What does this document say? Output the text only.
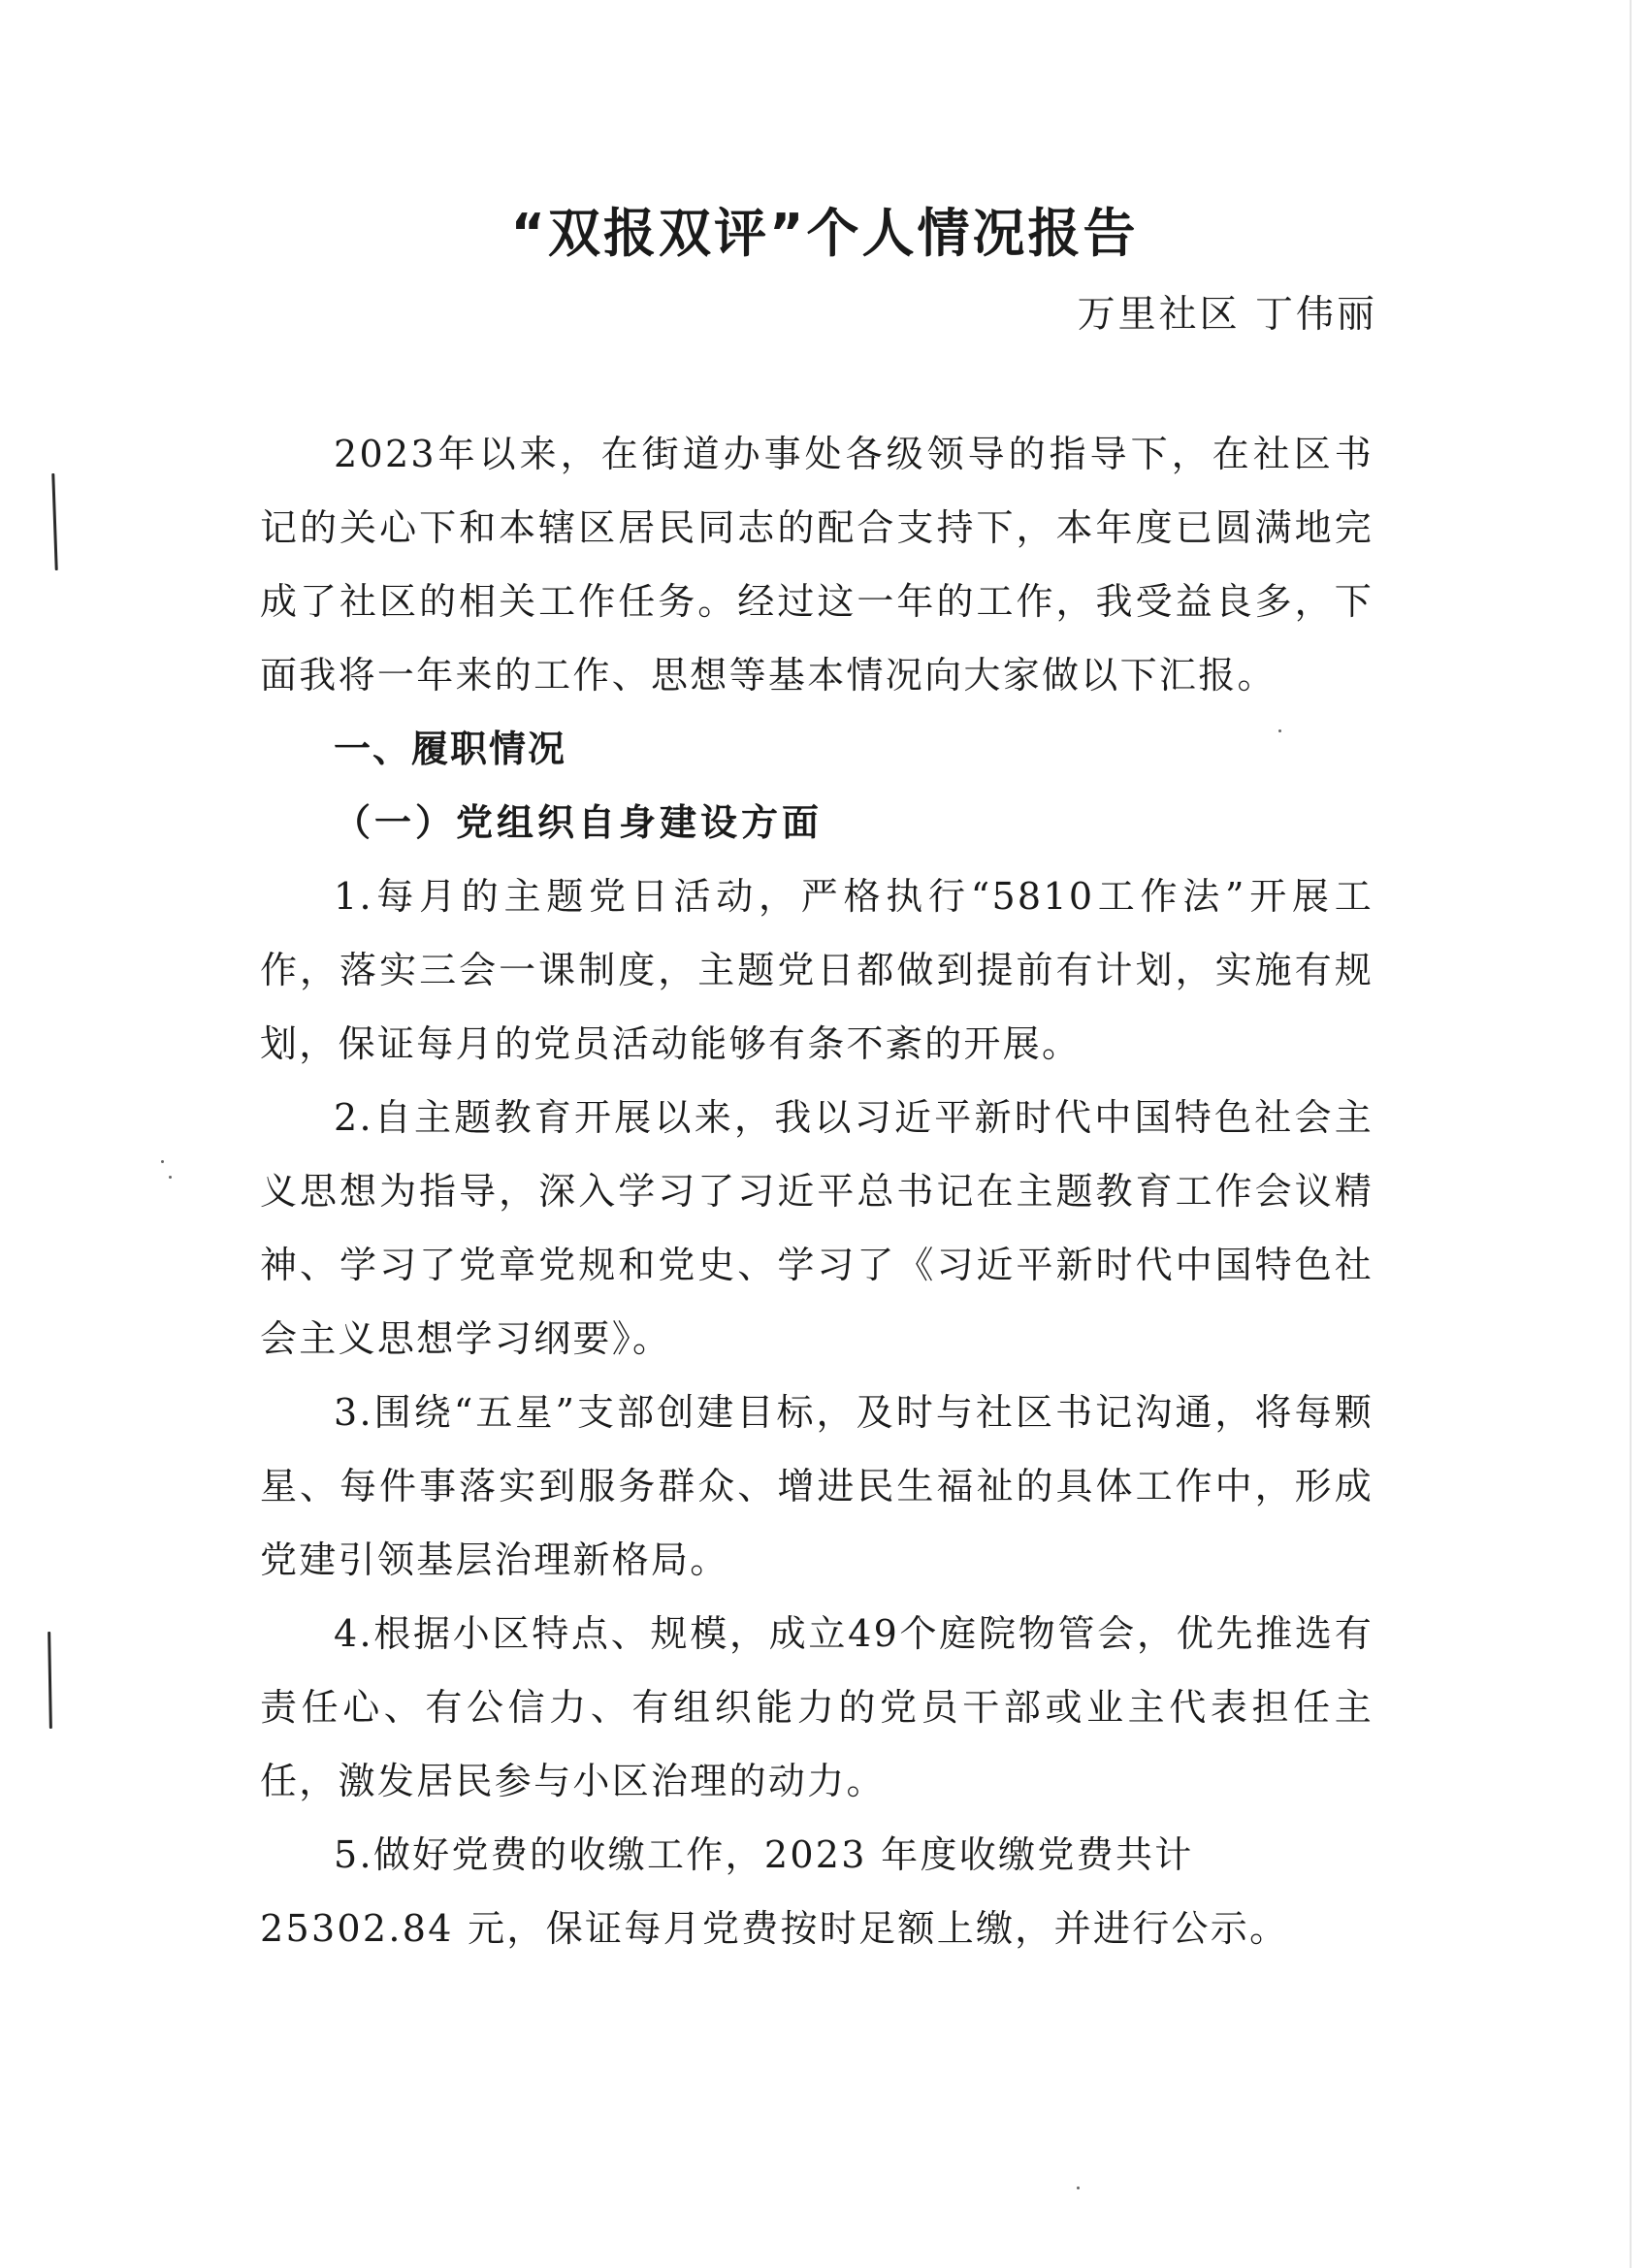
“双报双评”个人情况报告
万里社区 丁伟丽

2023年以来，在街道办事处各级领导的指导下，在社区书记的关心下和本辖区居民同志的配合支持下，本年度已圆满地完成了社区的相关工作任务。经过这一年的工作，我受益良多，下面我将一年来的工作、思想等基本情况向大家做以下汇报。

一、履职情况

（一）党组织自身建设方面

1.每月的主题党日活动，严格执行“5810工作法”开展工作，落实三会一课制度，主题党日都做到提前有计划，实施有规划，保证每月的党员活动能够有条不紊的开展。

2.自主题教育开展以来，我以习近平新时代中国特色社会主义思想为指导，深入学习了习近平总书记在主题教育工作会议精神、学习了党章党规和党史、学习了《习近平新时代中国特色社会主义思想学习纲要》。

3.围绕“五星”支部创建目标，及时与社区书记沟通，将每颗星、每件事落实到服务群众、增进民生福祉的具体工作中，形成党建引领基层治理新格局。

4.根据小区特点、规模，成立49个庭院物管会，优先推选有责任心、有公信力、有组织能力的党员干部或业主代表担任主任，激发居民参与小区治理的动力。

5.做好党费的收缴工作，2023 年度收缴党费共计

25302.84 元，保证每月党费按时足额上缴，并进行公示。
